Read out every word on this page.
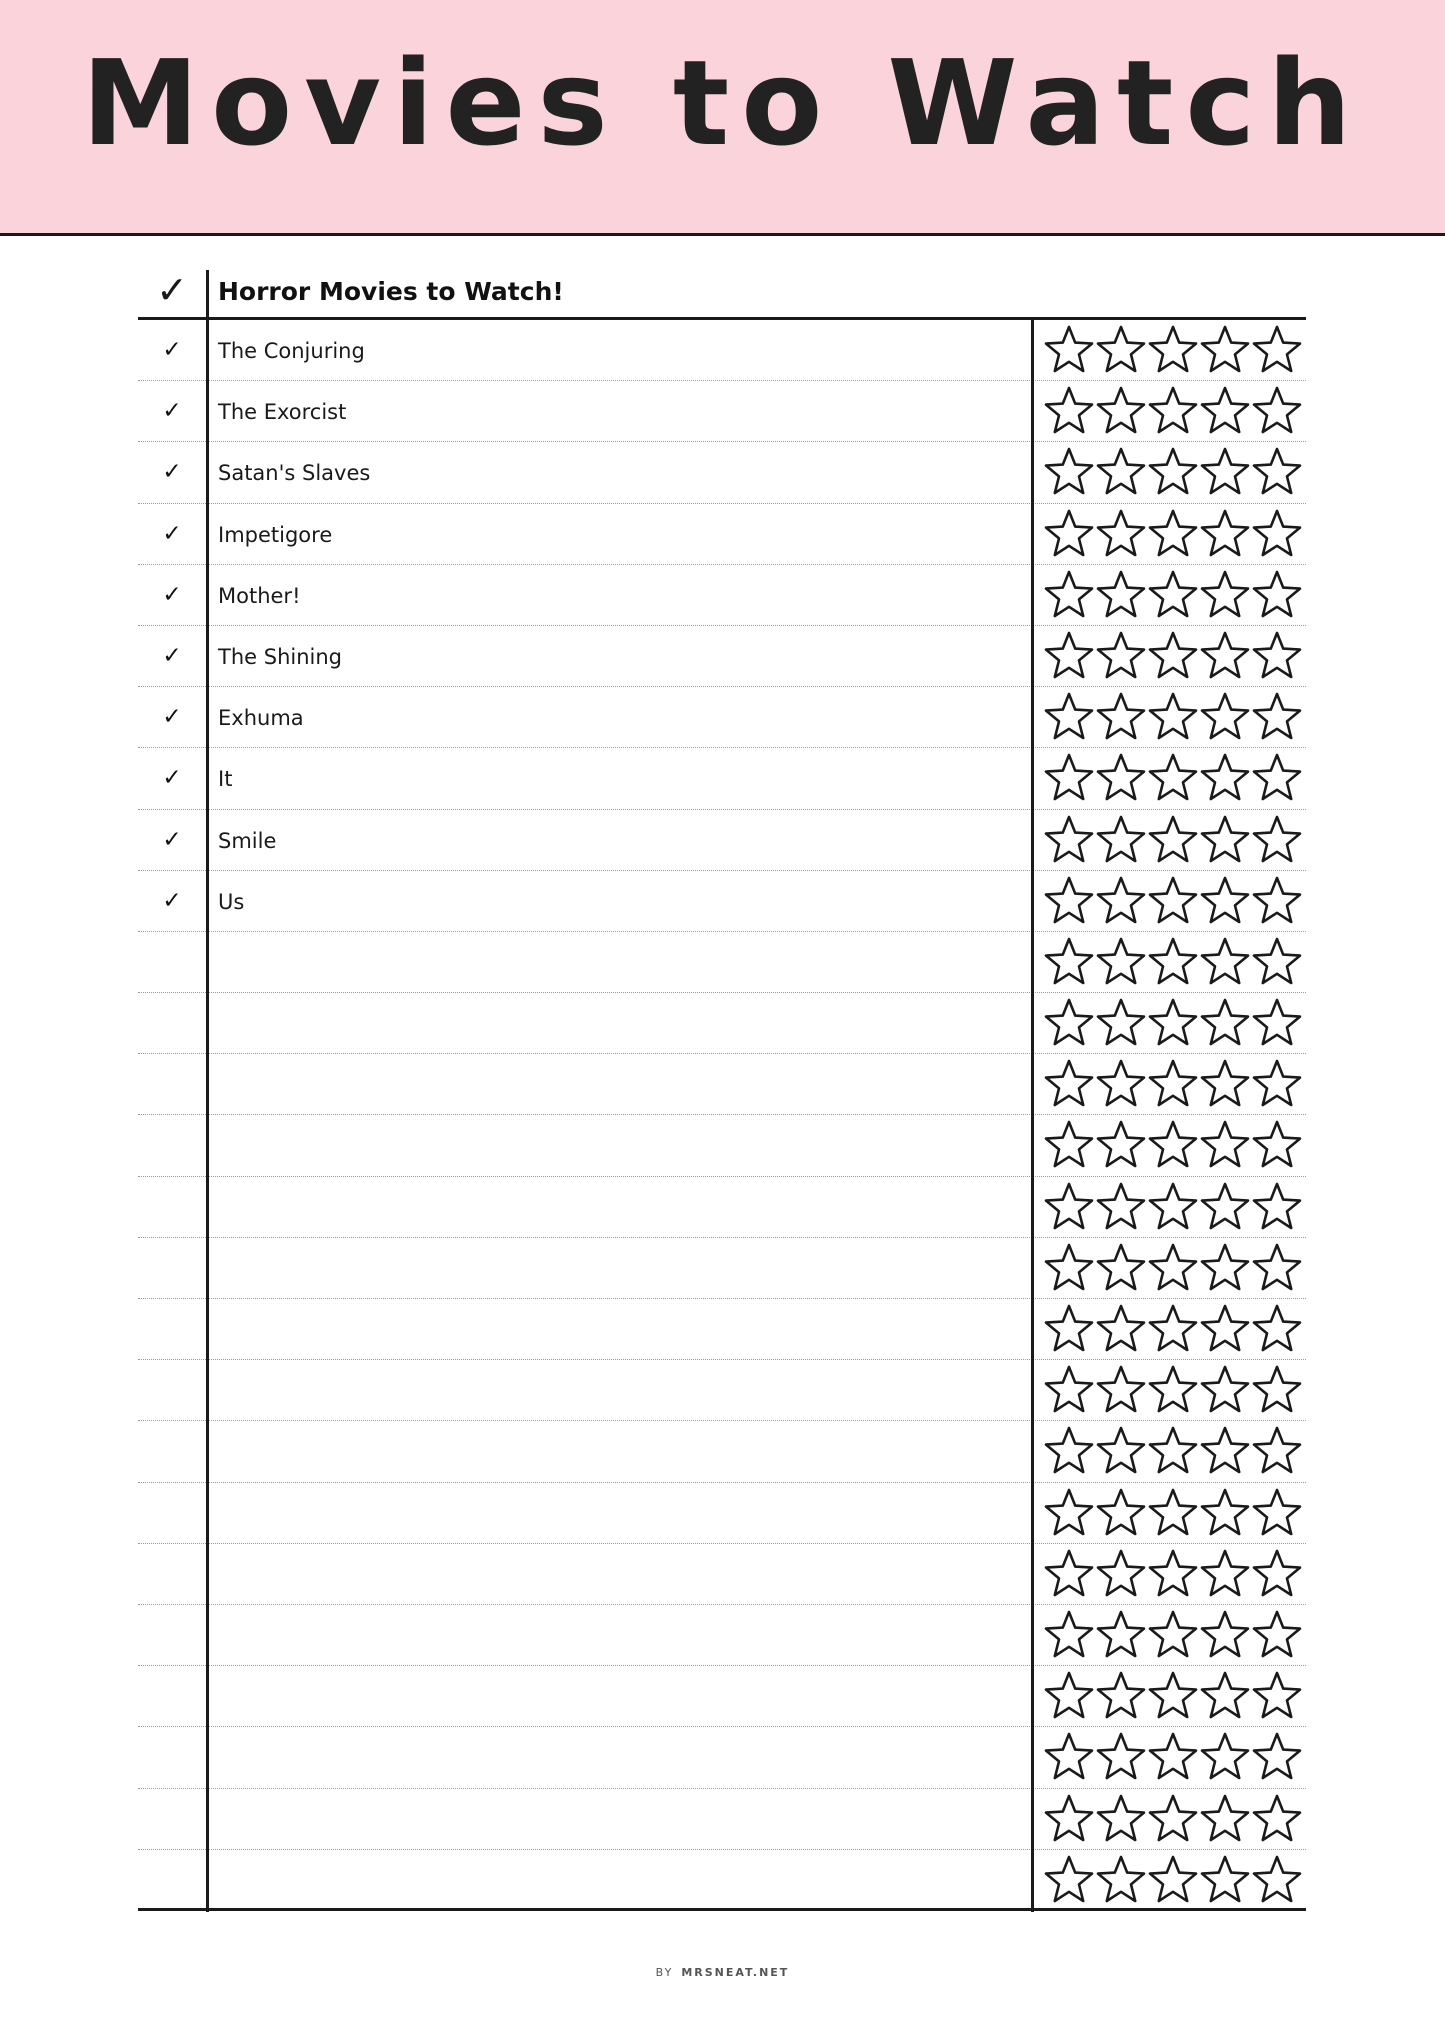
Movies to Watch
✓	Horror Movies to Watch!
✓	The Conjuring
✓	The Exorcist
✓	Satan's Slaves
✓	Impetigore
✓	Mother!
✓	The Shining
✓	Exhuma
✓	It
✓	Smile
✓	Us
BY MRSNEAT.NET
